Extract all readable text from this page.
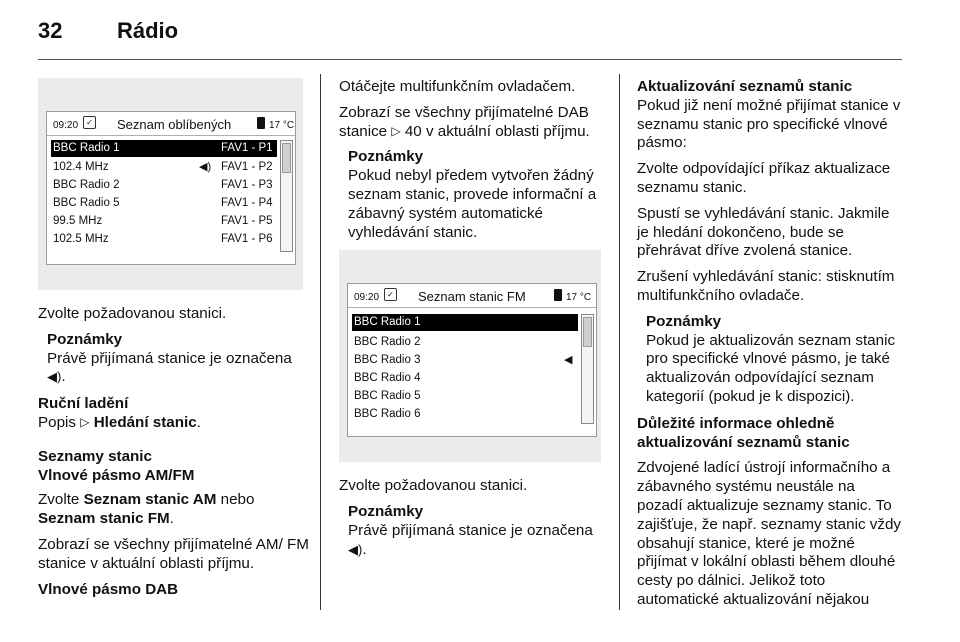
32 Rádio
09:20	✓ Seznam oblíbených	17 °C
BBC Radio 1	FAV1 - P1
102.4 MHz	◀) FAV1 - P2
BBC Radio 2	FAV1 - P3
BBC Radio 5	FAV1 - P4
99.5 MHz	FAV1 - P5
102.5 MHz	FAV1 - P6

Zvolte požadovanou stanici.

Poznámky
Právě přijímaná stanice je označena ◀).

Ruční ladění
Popis ▷ Hledání stanic.

Seznamy stanic
Vlnové pásmo AM/FM

Zvolte Seznam stanic AM nebo
Seznam stanic FM.

Zobrazí se všechny přijímatelné AM/ FM stanice v aktuální oblasti příjmu.

Vlnové pásmo DAB

Otáčejte multifunkčním ovladačem.

Zobrazí se všechny přijímatelné DAB stanice ▷ 40 v aktuální oblasti příjmu.

Poznámky
Pokud nebyl předem vytvořen žádný seznam stanic, provede informační a zábavný systém automatické vyhledávání stanic.
09:20	✓ Seznam stanic FM	17 °C
BBC Radio 1
BBC Radio 2
BBC Radio 3	◀
BBC Radio 4
BBC Radio 5
BBC Radio 6

Zvolte požadovanou stanici.

Poznámky
Právě přijímaná stanice je označena ◀).

Aktualizování seznamů stanic
Pokud již není možné přijímat stanice v seznamu stanic pro specifické vlnové pásmo:

Zvolte odpovídající příkaz aktualizace seznamu stanic.

Spustí se vyhledávání stanic. Jakmile je hledání dokončeno, bude se přehrávat dříve zvolená stanice.

Zrušení vyhledávání stanic: stisknutím multifunkčního ovladače.

Poznámky
Pokud je aktualizován seznam stanic pro specifické vlnové pásmo, je také aktualizován odpovídající seznam kategorií (pokud je k dispozici).
Důležité informace ohledně aktualizování seznamů stanic

Zdvojené ladící ústrojí informačního a zábavného systému neustále na pozadí aktualizuje seznamy stanic. To zajišťuje, že např. seznamy stanic vždy obsahují stanice, které je možné přijímat v lokální oblasti během dlouhé cesty po dálnici. Jelikož toto automatické aktualizování nějakou
